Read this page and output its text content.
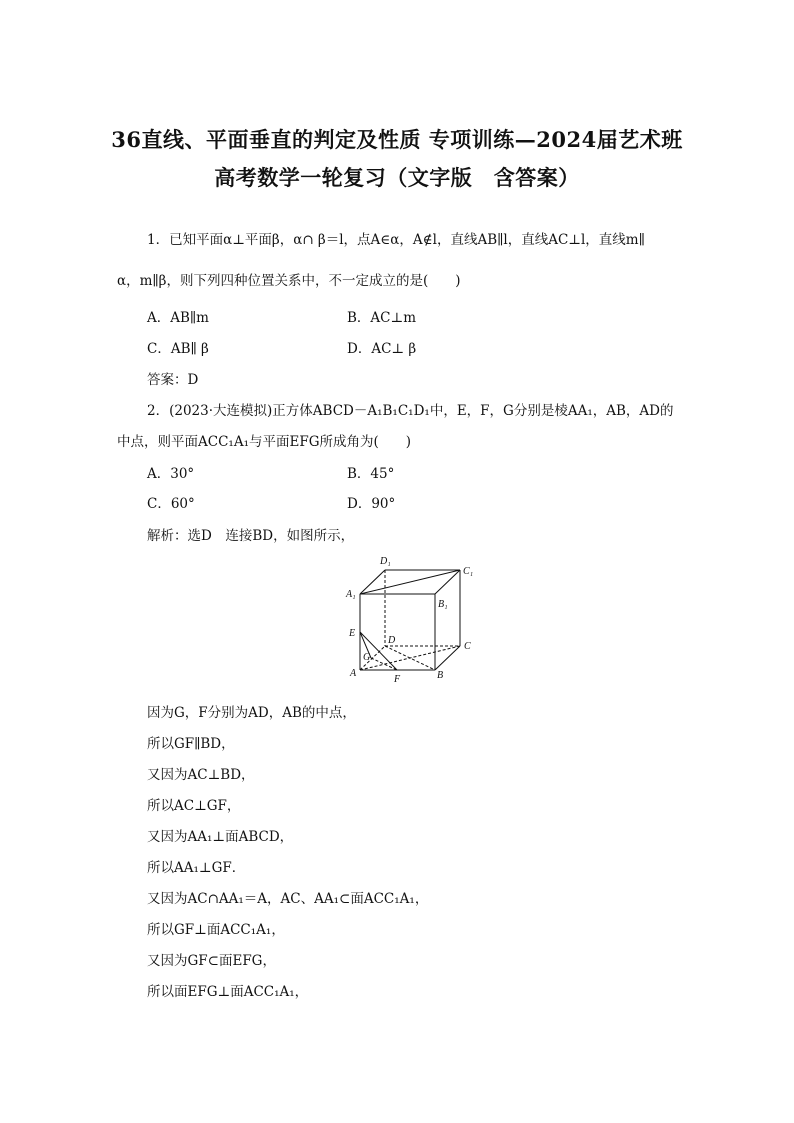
36直线、平面垂直的判定及性质 专项训练—2024届艺术班
高考数学一轮复习（文字版　含答案）
1．已知平面α⊥平面β，α∩ β＝l，点A∈α，A∉l，直线AB∥l，直线AC⊥l，直线m∥
α，m∥β，则下列四种位置关系中，不一定成立的是(　　)
A．AB∥m	B．AC⊥m
C．AB∥ β	D．AC⊥ β
答案：D
2．(2023·大连模拟)正方体ABCD－A₁B₁C₁D₁中，E，F，G分别是棱AA₁，AB，AD的
中点，则平面ACC₁A₁与平面EFG所成角为(　　)
A．30°	B．45°
C．60°	D．90°
解析：选D　连接BD，如图所示，
D₁
C₁
A₁
B₁
E
D
C
G
A
F	B
因为G，F分别为AD，AB的中点，
所以GF∥BD，
又因为AC⊥BD，
所以AC⊥GF，
又因为AA₁⊥面ABCD，
所以AA₁⊥GF．
又因为AC∩AA₁＝A，AC、AA₁⊂面ACC₁A₁，
所以GF⊥面ACC₁A₁，
又因为GF⊂面EFG，
所以面EFG⊥面ACC₁A₁，
